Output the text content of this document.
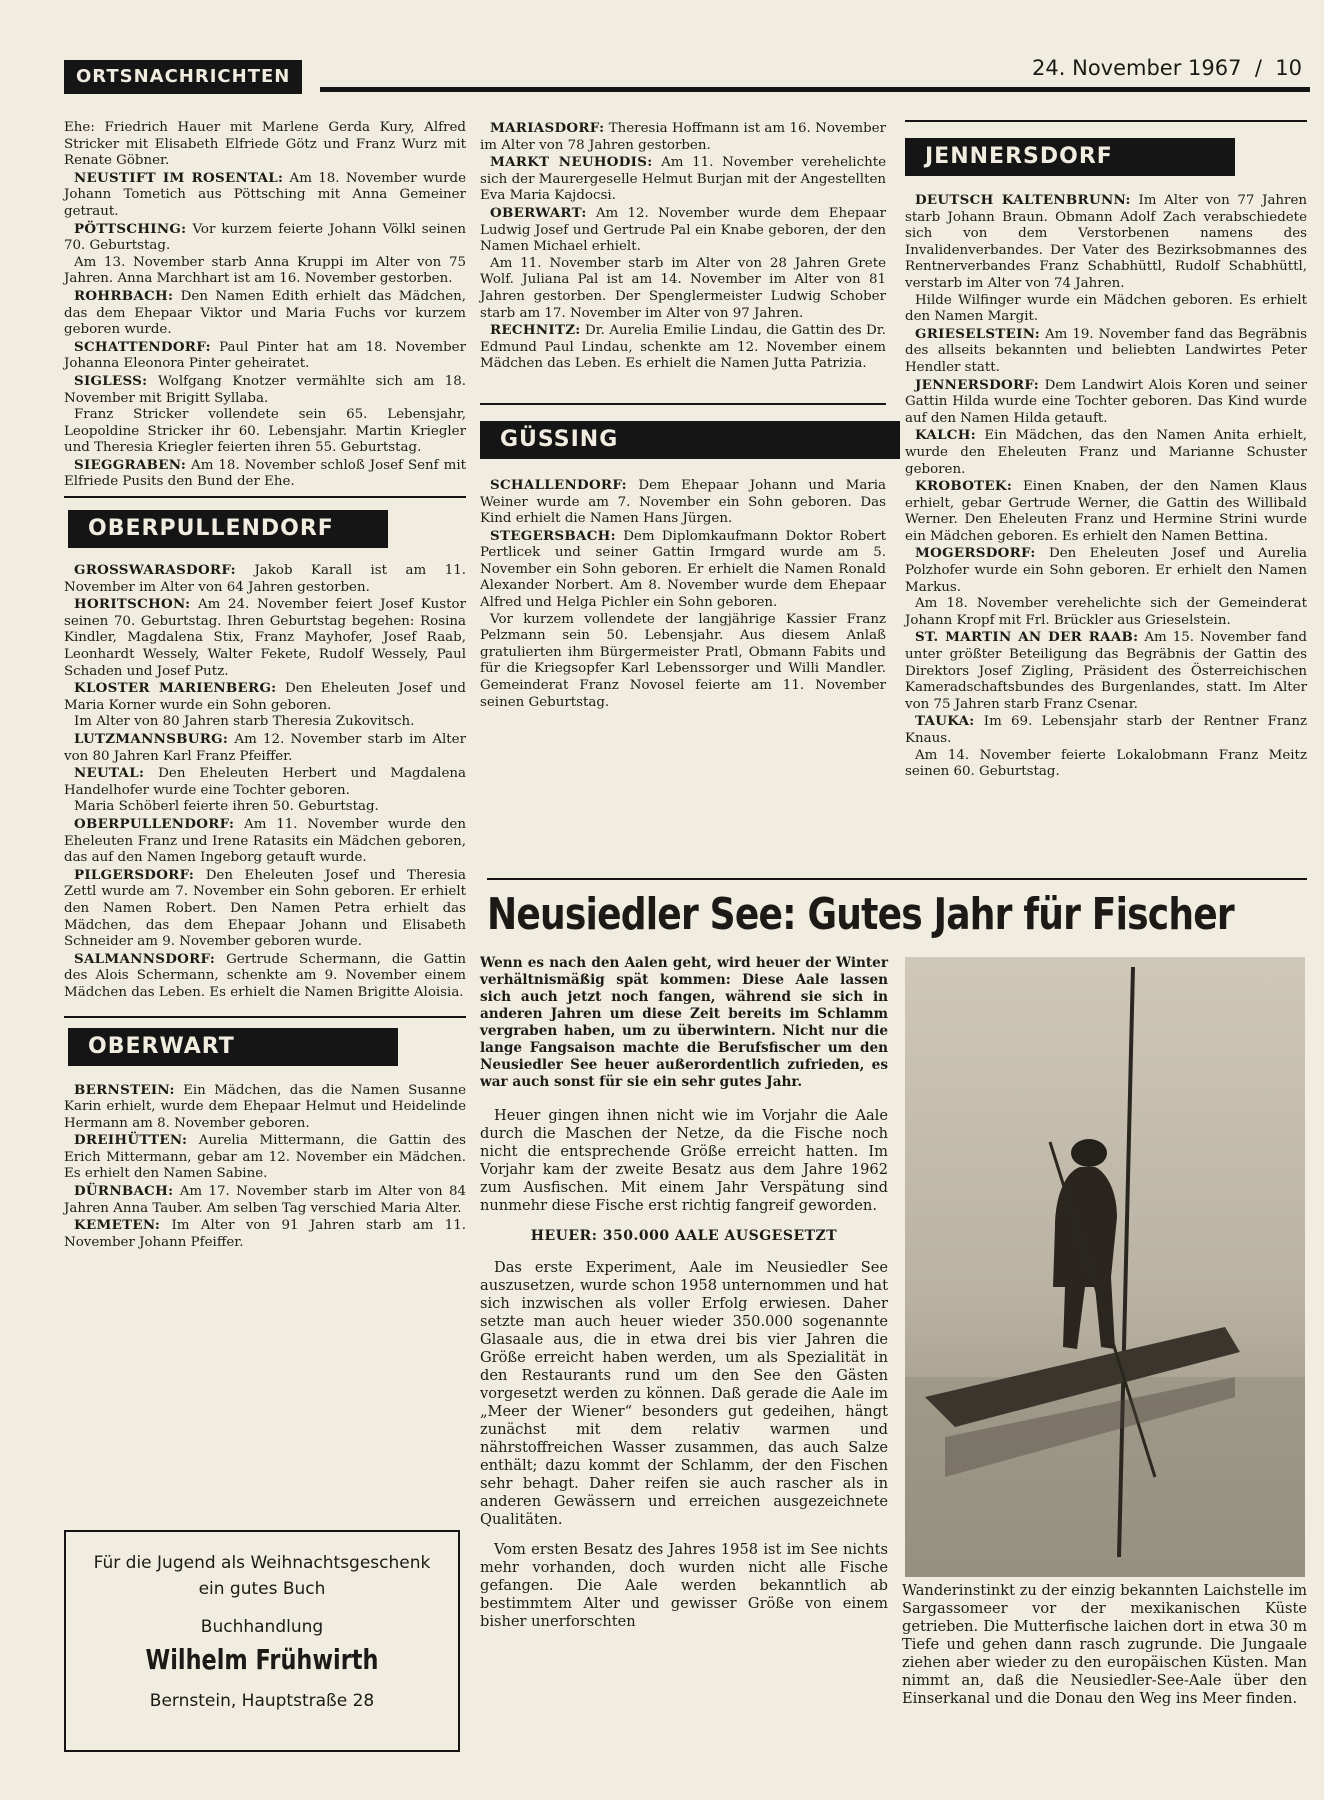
ORTSNACHRICHTEN	24. November 1967 / 10

Ehe: Friedrich Hauer mit Marlene Gerda Kury, Alfred Stricker mit Elisabeth Elfriede Götz und Franz Wurz mit Renate Göbner.

NEUSTIFT IM ROSENTAL: Am 18. November wurde Johann Tometich aus Pöttsching mit Anna Gemeiner getraut.

PÖTTSCHING: Vor kurzem feierte Johann Völkl seinen 70. Geburtstag.

Am 13. November starb Anna Kruppi im Alter von 75 Jahren. Anna Marchhart ist am 16. November gestorben.

ROHRBACH: Den Namen Edith erhielt das Mädchen, das dem Ehepaar Viktor und Maria Fuchs vor kurzem geboren wurde.

SCHATTENDORF: Paul Pinter hat am 18. November Johanna Eleonora Pinter geheiratet.

SIGLESS: Wolfgang Knotzer vermählte sich am 18. November mit Brigitt Syllaba.

Franz Stricker vollendete sein 65. Lebensjahr, Leopoldine Stricker ihr 60. Lebensjahr. Martin Kriegler und Theresia Kriegler feierten ihren 55. Geburtstag.

SIEGGRABEN: Am 18. November schloß Josef Senf mit Elfriede Pusits den Bund der Ehe.

OBERPULLENDORF

GROSSWARASDORF: Jakob Karall ist am 11. November im Alter von 64 Jahren gestorben.

HORITSCHON: Am 24. November feiert Josef Kustor seinen 70. Geburtstag. Ihren Geburtstag begehen: Rosina Kindler, Magdalena Stix, Franz Mayhofer, Josef Raab, Leonhardt Wessely, Walter Fekete, Rudolf Wessely, Paul Schaden und Josef Putz.

KLOSTER MARIENBERG: Den Eheleuten Josef und Maria Korner wurde ein Sohn geboren.

Im Alter von 80 Jahren starb Theresia Zukovitsch.

LUTZMANNSBURG: Am 12. November starb im Alter von 80 Jahren Karl Franz Pfeiffer.

NEUTAL: Den Eheleuten Herbert und Magdalena Handelhofer wurde eine Tochter geboren.

Maria Schöberl feierte ihren 50. Geburtstag.

OBERPULLENDORF: Am 11. November wurde den Eheleuten Franz und Irene Ratasits ein Mädchen geboren, das auf den Namen Ingeborg getauft wurde.

PILGERSDORF: Den Eheleuten Josef und Theresia Zettl wurde am 7. November ein Sohn geboren. Er erhielt den Namen Robert. Den Namen Petra erhielt das Mädchen, das dem Ehepaar Johann und Elisabeth Schneider am 9. November geboren wurde.

SALMANNSDORF: Gertrude Schermann, die Gattin des Alois Schermann, schenkte am 9. November einem Mädchen das Leben. Es erhielt die Namen Brigitte Aloisia.

OBERWART

BERNSTEIN: Ein Mädchen, das die Namen Susanne Karin erhielt, wurde dem Ehepaar Helmut und Heidelinde Hermann am 8. November geboren.

DREIHÜTTEN: Aurelia Mittermann, die Gattin des Erich Mittermann, gebar am 12. November ein Mädchen. Es erhielt den Namen Sabine.

DÜRNBACH: Am 17. November starb im Alter von 84 Jahren Anna Tauber. Am selben Tag verschied Maria Alter.

KEMETEN: Im Alter von 91 Jahren starb am 11. November Johann Pfeiffer.

Für die Jugend als Weihnachtsgeschenk
ein gutes Buch
Buchhandlung
Wilhelm Frühwirth
Bernstein, Hauptstraße 28

MARIASDORF: Theresia Hoffmann ist am 16. November im Alter von 78 Jahren gestorben.

MARKT NEUHODIS: Am 11. November verehelichte sich der Maurergeselle Helmut Burjan mit der Angestellten Eva Maria Kajdocsi.

OBERWART: Am 12. November wurde dem Ehepaar Ludwig Josef und Gertrude Pal ein Knabe geboren, der den Namen Michael erhielt.

Am 11. November starb im Alter von 28 Jahren Grete Wolf. Juliana Pal ist am 14. November im Alter von 81 Jahren gestorben. Der Spenglermeister Ludwig Schober starb am 17. November im Alter von 97 Jahren.

RECHNITZ: Dr. Aurelia Emilie Lindau, die Gattin des Dr. Edmund Paul Lindau, schenkte am 12. November einem Mädchen das Leben. Es erhielt die Namen Jutta Patrizia.

GÜSSING

SCHALLENDORF: Dem Ehepaar Johann und Maria Weiner wurde am 7. November ein Sohn geboren. Das Kind erhielt die Namen Hans Jürgen.

STEGERSBACH: Dem Diplomkaufmann Doktor Robert Pertlicek und seiner Gattin Irmgard wurde am 5. November ein Sohn geboren. Er erhielt die Namen Ronald Alexander Norbert. Am 8. November wurde dem Ehepaar Alfred und Helga Pichler ein Sohn geboren.

Vor kurzem vollendete der langjährige Kassier Franz Pelzmann sein 50. Lebensjahr. Aus diesem Anlaß gratulierten ihm Bürgermeister Pratl, Obmann Fabits und für die Kriegsopfer Karl Lebenssorger und Willi Mandler. Gemeinderat Franz Novosel feierte am 11. November seinen Geburtstag.

JENNERSDORF

DEUTSCH KALTENBRUNN: Im Alter von 77 Jahren starb Johann Braun. Obmann Adolf Zach verabschiedete sich von dem Verstorbenen namens des Invalidenverbandes. Der Vater des Bezirksobmannes des Rentnerverbandes Franz Schabhüttl, Rudolf Schabhüttl, verstarb im Alter von 74 Jahren.

Hilde Wilfinger wurde ein Mädchen geboren. Es erhielt den Namen Margit.

GRIESELSTEIN: Am 19. November fand das Begräbnis des allseits bekannten und beliebten Landwirtes Peter Hendler statt.

JENNERSDORF: Dem Landwirt Alois Koren und seiner Gattin Hilda wurde eine Tochter geboren. Das Kind wurde auf den Namen Hilda getauft.

KALCH: Ein Mädchen, das den Namen Anita erhielt, wurde den Eheleuten Franz und Marianne Schuster geboren.

KROBOTEK: Einen Knaben, der den Namen Klaus erhielt, gebar Gertrude Werner, die Gattin des Willibald Werner. Den Eheleuten Franz und Hermine Strini wurde ein Mädchen geboren. Es erhielt den Namen Bettina.

MOGERSDORF: Den Eheleuten Josef und Aurelia Polzhofer wurde ein Sohn geboren. Er erhielt den Namen Markus.

Am 18. November verehelichte sich der Gemeinderat Johann Kropf mit Frl. Brückler aus Grieselstein.

ST. MARTIN AN DER RAAB: Am 15. November fand unter größter Beteiligung das Begräbnis der Gattin des Direktors Josef Zigling, Präsident des Österreichischen Kameradschaftsbundes des Burgenlandes, statt. Im Alter von 75 Jahren starb Franz Csenar.

TAUKA: Im 69. Lebensjahr starb der Rentner Franz Knaus.

Am 14. November feierte Lokalobmann Franz Meitz seinen 60. Geburtstag.

Neusiedler See: Gutes Jahr für Fischer
Wenn es nach den Aalen geht, wird heuer der Winter verhältnismäßig spät kommen: Diese Aale lassen sich auch jetzt noch fangen, während sie sich in anderen Jahren um diese Zeit bereits im Schlamm vergraben haben, um zu überwintern. Nicht nur die lange Fangsaison machte die Berufsfischer um den Neusiedler See heuer außerordentlich zufrieden, es war auch sonst für sie ein sehr gutes Jahr.

Heuer gingen ihnen nicht wie im Vorjahr die Aale durch die Maschen der Netze, da die Fische noch nicht die entsprechende Größe erreicht hatten. Im Vorjahr kam der zweite Besatz aus dem Jahre 1962 zum Ausfischen. Mit einem Jahr Verspätung sind nunmehr diese Fische erst richtig fangreif geworden.

HEUER: 350.000 AALE AUSGESETZT

Das erste Experiment, Aale im Neusiedler See auszusetzen, wurde schon 1958 unternommen und hat sich inzwischen als voller Erfolg erwiesen. Daher setzte man auch heuer wieder 350.000 sogenannte Glasaale aus, die in etwa drei bis vier Jahren die Größe erreicht haben werden, um als Spezialität in den Restaurants rund um den See den Gästen vorgesetzt werden zu können. Daß gerade die Aale im „Meer der Wiener“ besonders gut gedeihen, hängt zunächst mit dem relativ warmen und nährstoffreichen Wasser zusammen, das auch Salze enthält; dazu kommt der Schlamm, der den Fischen sehr behagt. Daher reifen sie auch rascher als in anderen Gewässern und erreichen ausgezeichnete Qualitäten.

Vom ersten Besatz des Jahres 1958 ist im See nichts mehr vorhanden, doch wurden nicht alle Fische gefangen. Die Aale werden bekanntlich ab bestimmtem Alter und gewisser Größe von einem bisher unerforschten

Wanderinstinkt zu der einzig bekannten Laichstelle im Sargassomeer vor der mexikanischen Küste getrieben. Die Mutterfische laichen dort in etwa 30 m Tiefe und gehen dann rasch zugrunde. Die Jungaale ziehen aber wieder zu den europäischen Küsten. Man nimmt an, daß die Neusiedler-See-Aale über den Einserkanal und die Donau den Weg ins Meer finden.
